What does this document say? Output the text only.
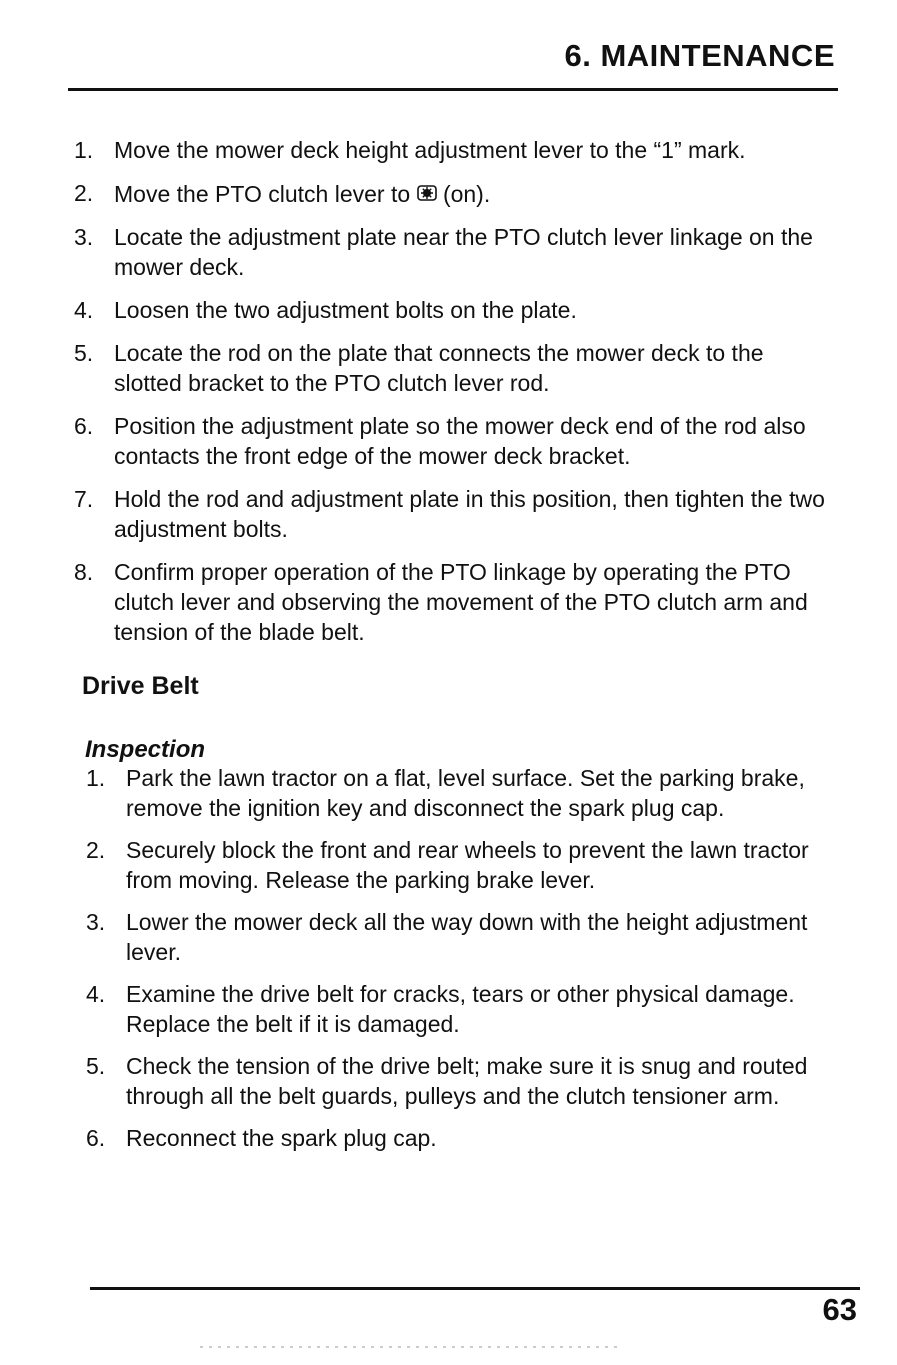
6. MAINTENANCE
1. Move the mower deck height adjustment lever to the “1” mark.
2. Move the PTO clutch lever to (on).
3. Locate the adjustment plate near the PTO clutch lever linkage on the mower deck.
4. Loosen the two adjustment bolts on the plate.
5. Locate the rod on the plate that connects the mower deck to the slotted bracket to the PTO clutch lever rod.
6. Position the adjustment plate so the mower deck end of the rod also contacts the front edge of the mower deck bracket.
7. Hold the rod and adjustment plate in this position, then tighten the two adjustment bolts.
8. Confirm proper operation of the PTO linkage by operating the PTO clutch lever and observing the movement of the PTO clutch arm and tension of the blade belt.
Drive Belt
Inspection
1. Park the lawn tractor on a flat, level surface. Set the parking brake, remove the ignition key and disconnect the spark plug cap.
2. Securely block the front and rear wheels to prevent the lawn tractor from moving. Release the parking brake lever.
3. Lower the mower deck all the way down with the height adjustment lever.
4. Examine the drive belt for cracks, tears or other physical damage. Replace the belt if it is damaged.
5. Check the tension of the drive belt; make sure it is snug and routed through all the belt guards, pulleys and the clutch tensioner arm.
6. Reconnect the spark plug cap.
63
